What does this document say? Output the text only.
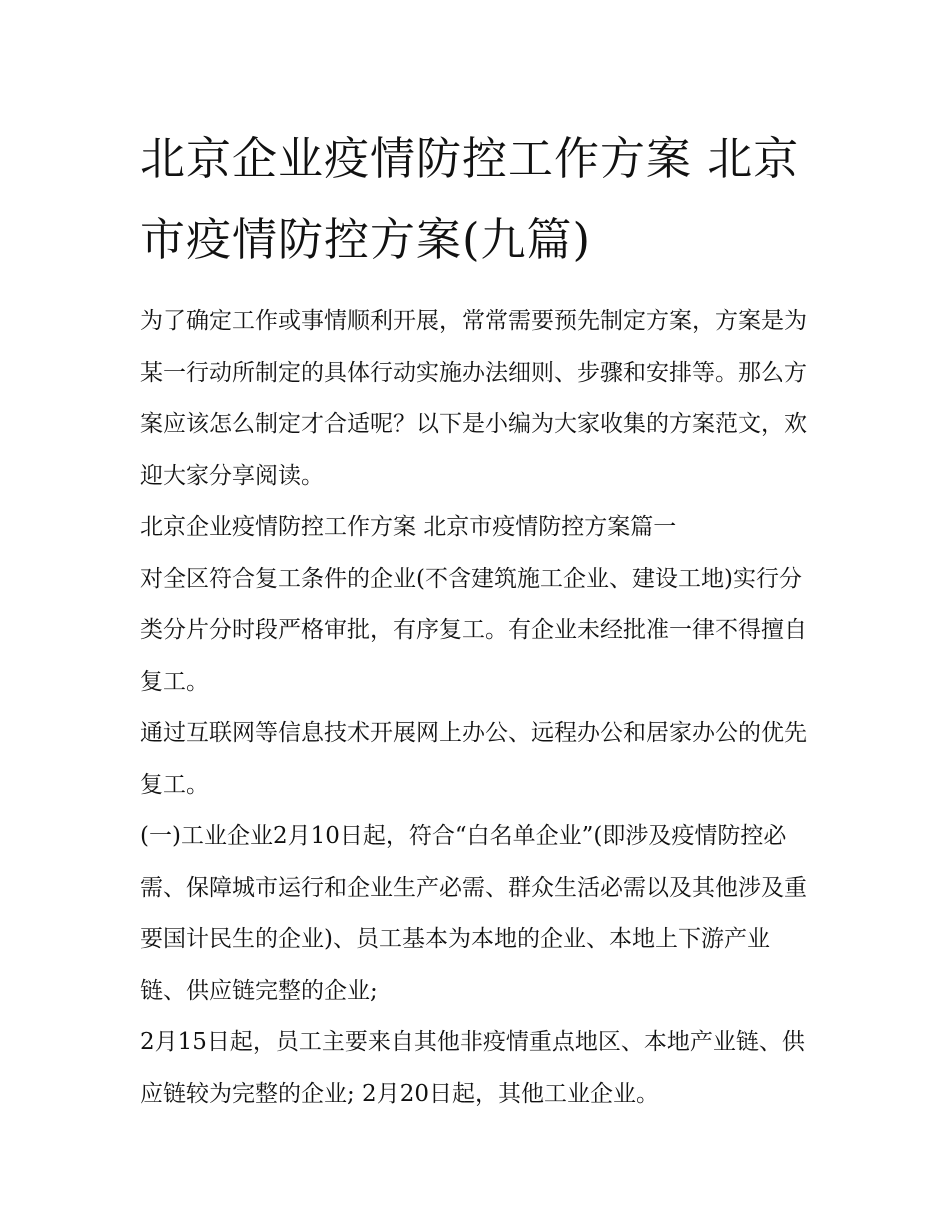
北京企业疫情防控工作方案 北京市疫情防控方案(九篇)

为了确定工作或事情顺利开展，常常需要预先制定方案，方案是为某一行动所制定的具体行动实施办法细则、步骤和安排等。那么方案应该怎么制定才合适呢？以下是小编为大家收集的方案范文，欢迎大家分享阅读。

北京企业疫情防控工作方案 北京市疫情防控方案篇一

对全区符合复工条件的企业(不含建筑施工企业、建设工地)实行分类分片分时段严格审批，有序复工。有企业未经批准一律不得擅自复工。

通过互联网等信息技术开展网上办公、远程办公和居家办公的优先复工。

(一)工业企业2月10日起，符合“白名单企业”(即涉及疫情防控必需、保障城市运行和企业生产必需、群众生活必需以及其他涉及重要国计民生的企业)、员工基本为本地的企业、本地上下游产业链、供应链完整的企业;

2月15日起，员工主要来自其他非疫情重点地区、本地产业链、供应链较为完整的企业; 2月20日起，其他工业企业。
